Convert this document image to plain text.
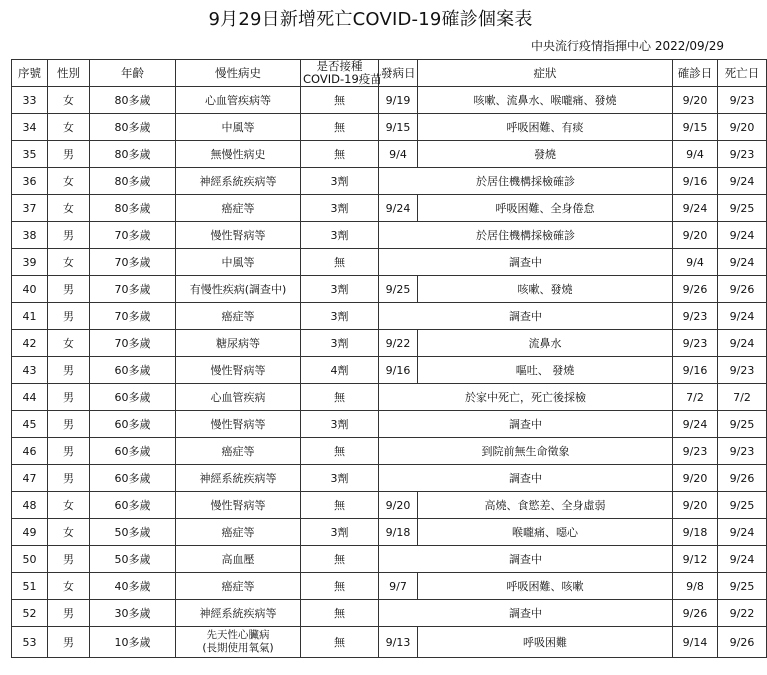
9月29日新增死亡COVID-19確診個案表
中央流行疫情指揮中心 2022/09/29
序號	性別	年齡	慢性病史	是否接種
COVID-19疫苗	發病日	症狀	確診日	死亡日
33	女	80多歲	心血管疾病等	無	9/19	咳嗽、流鼻水、喉嚨痛、發燒	9/20	9/23
34	女	80多歲	中風等	無	9/15	呼吸困難、有痰	9/15	9/20
35	男	80多歲	無慢性病史	無	9/4	發燒	9/4	9/23
36	女	80多歲	神經系統疾病等	3劑	於居住機構採檢確診		9/16	9/24
37	女	80多歲	癌症等	3劑	9/24	呼吸困難、全身倦怠	9/24	9/25
38	男	70多歲	慢性腎病等	3劑	於居住機構採檢確診		9/20	9/24
39	女	70多歲	中風等	無	調查中		9/4	9/24
40	男	70多歲	有慢性疾病(調查中)	3劑	9/25	咳嗽、發燒	9/26	9/26
41	男	70多歲	癌症等	3劑	調查中		9/23	9/24
42	女	70多歲	糖尿病等	3劑	9/22	流鼻水	9/23	9/24
43	男	60多歲	慢性腎病等	4劑	9/16	嘔吐、 發燒	9/16	9/23
44	男	60多歲	心血管疾病	無	於家中死亡，死亡後採檢		7/2	7/2
45	男	60多歲	慢性腎病等	3劑	調查中		9/24	9/25
46	男	60多歲	癌症等	無	到院前無生命徵象		9/23	9/23
47	男	60多歲	神經系統疾病等	3劑	調查中		9/20	9/26
48	女	60多歲	慢性腎病等	無	9/20	高燒、食慾差、全身虛弱	9/20	9/25
49	女	50多歲	癌症等	3劑	9/18	喉嚨痛、噁心	9/18	9/24
50	男	50多歲	高血壓	無	調查中		9/12	9/24
51	女	40多歲	癌症等	無	9/7	呼吸困難、咳嗽	9/8	9/25
52	男	30多歲	神經系統疾病等	無	調查中		9/26	9/22
53	男	10多歲	先天性心臟病
(長期使用氧氣)	無	9/13	呼吸困難	9/14	9/26
